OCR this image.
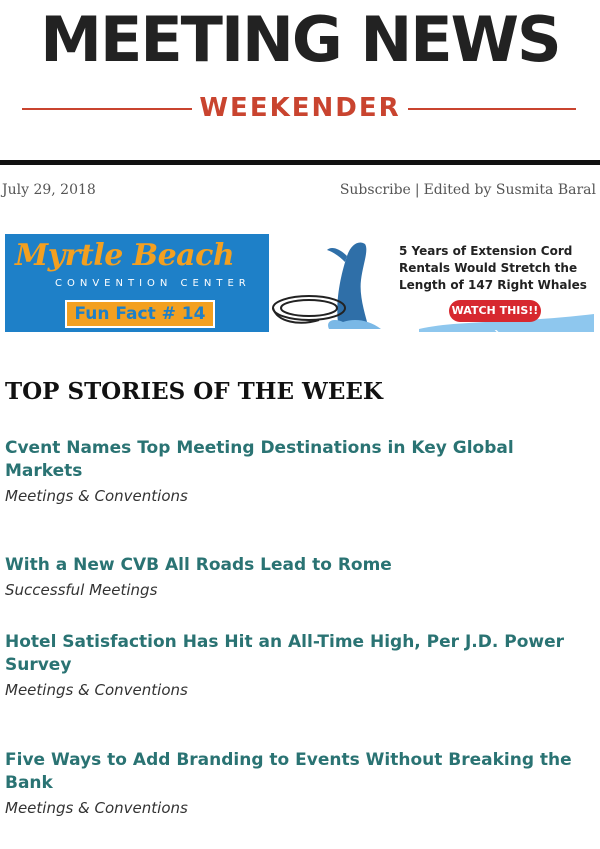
MEETING NEWS
WEEKENDER
July 29, 2018	Subscribe | Edited by Susmita Baral
Myrtle Beach
CONVENTION CENTER
Fun Fact # 14
5 Years of Extension Cord
Rentals Would Stretch the
Length of 147 Right Whales
WATCH THIS!! ➔
TOP STORIES OF THE WEEK
Cvent Names Top Meeting Destinations in Key Global Markets
Meetings & Conventions
With a New CVB All Roads Lead to Rome
Successful Meetings
Hotel Satisfaction Has Hit an All-Time High, Per J.D. Power Survey
Meetings & Conventions
Five Ways to Add Branding to Events Without Breaking the Bank
Meetings & Conventions
